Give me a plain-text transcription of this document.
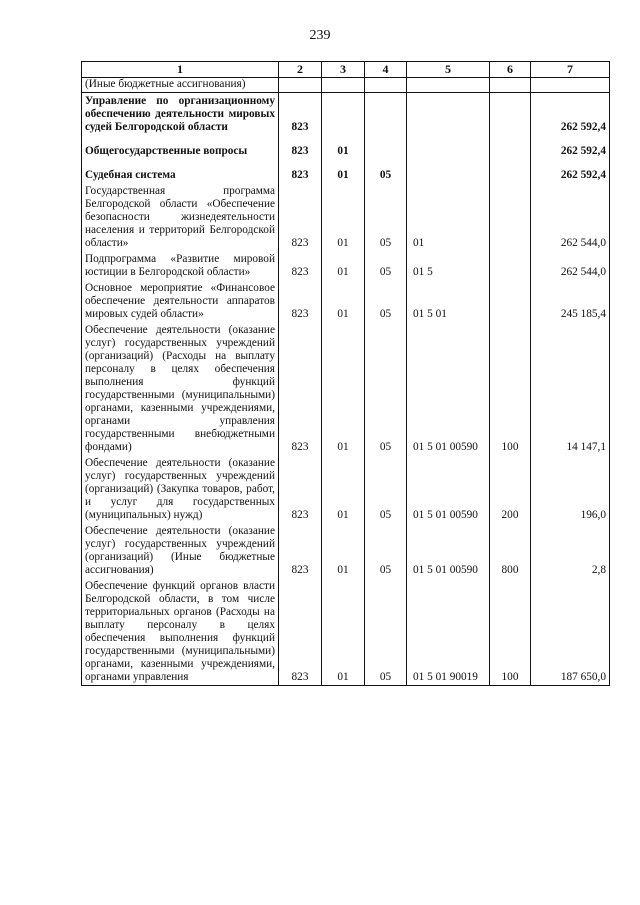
239
1	2	3	4	5	6	7
(Иные бюджетные ассигнования)						
Управление по организационному обеспечению деятельности мировых судей Белгородской области	823					262 592,4
Общегосударственные вопросы	823	01				262 592,4
Судебная система	823	01	05			262 592,4
Государственная программа Белгородской области «Обеспечение безопасности жизнедеятельности населения и территорий Белгородской области»	823	01	05	01		262 544,0
Подпрограмма «Развитие мировой юстиции в Белгородской области»	823	01	05	01 5		262 544,0
Основное мероприятие «Финансовое обеспечение деятельности аппаратов мировых судей области»	823	01	05	01 5 01		245 185,4
Обеспечение деятельности (оказание услуг) государственных учреждений (организаций) (Расходы на выплату персоналу в целях обеспечения выполнения функций государственными (муниципальными) органами, казенными учреждениями, органами управления государственными внебюджетными фондами)	823	01	05	01 5 01 00590	100	14 147,1
Обеспечение деятельности (оказание услуг) государственных учреждений (организаций) (Закупка товаров, работ, и услуг для государственных (муниципальных) нужд)	823	01	05	01 5 01 00590	200	196,0
Обеспечение деятельности (оказание услуг) государственных учреждений (организаций) (Иные бюджетные ассигнования)	823	01	05	01 5 01 00590	800	2,8
Обеспечение функций органов власти Белгородской области, в том числе территориальных органов (Расходы на выплату персоналу в целях обеспечения выполнения функций государственными (муниципальными) органами, казенными учреждениями, органами управления	823	01	05	01 5 01 90019	100	187 650,0
